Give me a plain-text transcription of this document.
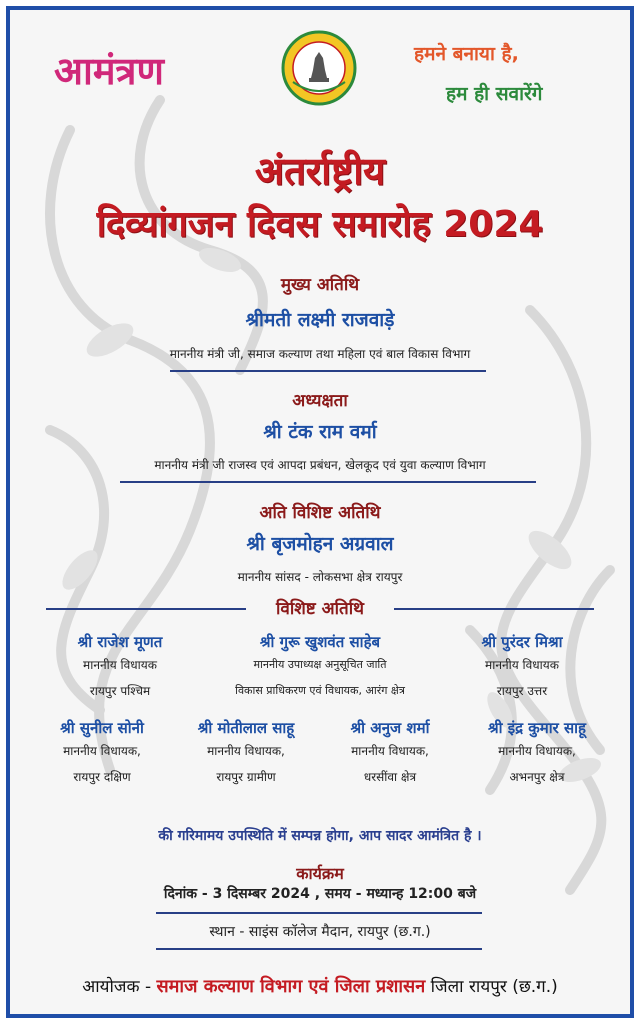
आमंत्रण	हमने बनाया है,
हम ही सवारेंगे
अंतर्राष्ट्रीय
दिव्यांगजन दिवस समारोह 2024
मुख्य अतिथि
श्रीमती लक्ष्मी राजवाड़े
माननीय मंत्री जी, समाज कल्याण तथा महिला एवं बाल विकास विभाग
अध्यक्षता
श्री टंक राम वर्मा
माननीय मंत्री जी राजस्व एवं आपदा प्रबंधन, खेलकूद एवं युवा कल्याण विभाग
अति विशिष्ट अतिथि
श्री बृजमोहन अग्रवाल
माननीय सांसद - लोकसभा क्षेत्र रायपुर
विशिष्ट अतिथि
श्री राजेश मूणत
माननीय विधायक
रायपुर पश्चिम
श्री गुरू खुशवंत साहेब
माननीय उपाध्यक्ष अनुसूचित जाति
विकास प्राधिकरण एवं विधायक, आरंग क्षेत्र
श्री पुरंदर मिश्रा
माननीय विधायक
रायपुर उत्तर
श्री सुनील सोनी
माननीय विधायक,
रायपुर दक्षिण
श्री मोतीलाल साहू
माननीय विधायक,
रायपुर ग्रामीण
श्री अनुज शर्मा
माननीय विधायक,
धरसींवा क्षेत्र
श्री इंद्र कुमार साहू
माननीय विधायक,
अभनपुर क्षेत्र
की गरिमामय उपस्थिति में सम्पन्न होगा, आप सादर आमंत्रित है ।
कार्यक्रम
दिनांक - 3 दिसम्बर 2024 , समय - मध्यान्ह 12:00 बजे
स्थान - साइंस कॉलेज मैदान, रायपुर (छ.ग.)
आयोजक - समाज कल्याण विभाग एवं जिला प्रशासन जिला रायपुर (छ.ग.)
